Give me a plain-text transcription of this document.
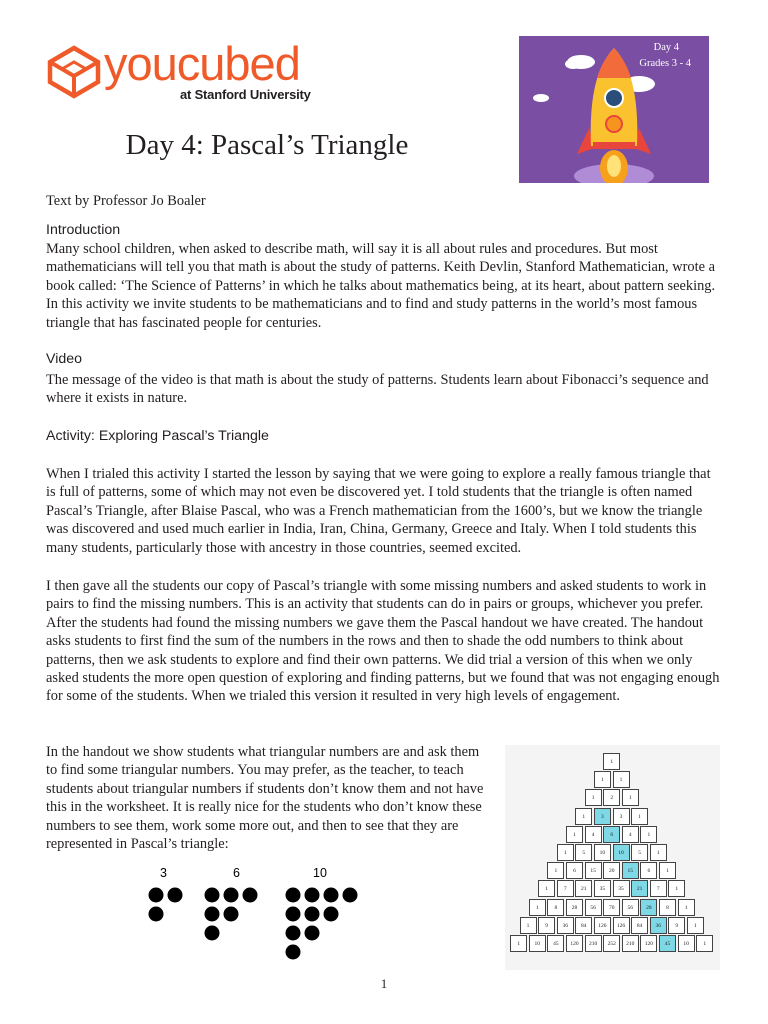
youcubed
at Stanford University
Day 4
Grades 3 - 4
Day 4: Pascal’s Triangle
Text by Professor Jo Boaler
Introduction
Many school children, when asked to describe math, will say it is all about rules and procedures. But most mathematicians will tell you that math is about the study of patterns. Keith Devlin, Stanford Mathematician, wrote a book called: ‘The Science of Patterns’ in which he talks about mathematics being, at its heart, about pattern seeking. In this activity we invite students to be mathematicians and to find and study patterns in the world’s most famous triangle that has fascinated people for centuries.
Video
The message of the video is that math is about the study of patterns. Students learn about Fibonacci’s sequence and where it exists in nature.
Activity: Exploring Pascal’s Triangle
When I trialed this activity I started the lesson by saying that we were going to explore a really famous triangle that is full of patterns, some of which may not even be discovered yet. I told students that the triangle is often named Pascal’s Triangle, after Blaise Pascal, who was a French mathematician from the 1600’s, but we know the triangle was discovered and used much earlier in India, Iran, China, Germany, Greece and Italy. When I told students this many students, particularly those with ancestry in those countries, seemed excited.
I then gave all the students our copy of Pascal’s triangle with some missing numbers and asked students to work in pairs to find the missing numbers. This is an activity that students can do in pairs or groups, whichever you prefer. After the students had found the missing numbers we gave them the Pascal handout we have created. The handout asks students to first find the sum of the numbers in the rows and then to shade the odd numbers to think about patterns, then we ask students to explore and find their own patterns. We did trial a version of this when we only asked students the more open question of exploring and finding patterns, but we found that was not engaging enough for some of the students. When we trialed this version it resulted in very high levels of engagement.
In the handout we show students what triangular numbers are and ask them to find some triangular numbers. You may prefer, as the teacher, to teach students about triangular numbers if students don’t know them and not have this in the worksheet. It is really nice for the students who don’t know these numbers to see them, work some more out, and then to see that they are represented in Pascal’s triangle:
3	6	10
1
1	1
1	2	1
1	3	3	1
1	4	6	4	1
1	5	10	10	5	1
1	6	15	20	15	6	1
1	7	21	35	35	21	7	1
1	8	28	56	70	56	28	8	1
1	9	36	84	126	126	84	36	9	1
1	10	45	120	210	252	210	120	45	10	1
1
